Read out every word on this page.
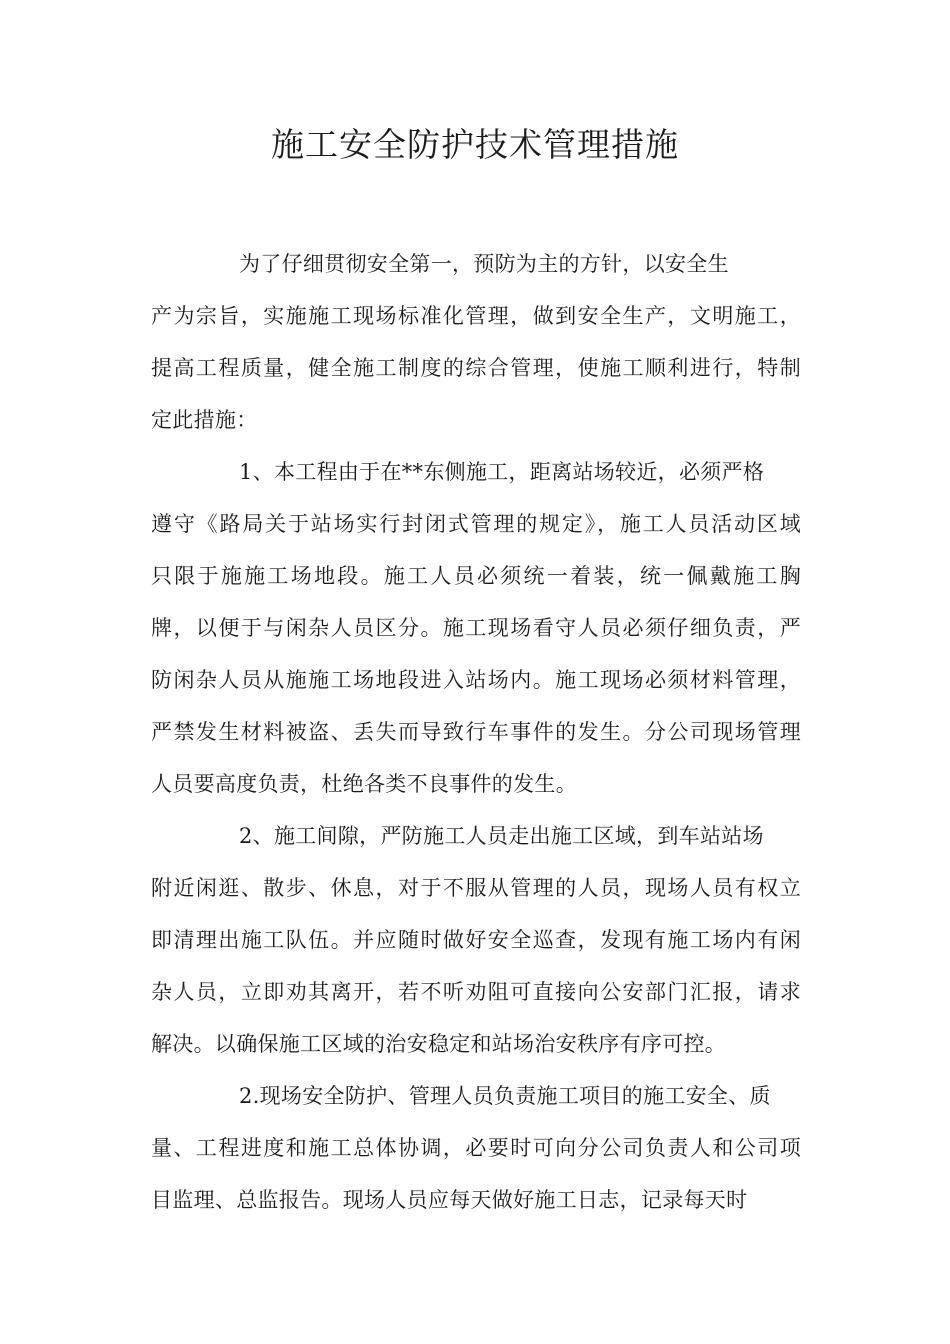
施工安全防护技术管理措施
为了仔细贯彻安全第一，预防为主的方针，以安全生
产为宗旨，实施施工现场标准化管理，做到安全生产，文明施工，
提高工程质量，健全施工制度的综合管理，使施工顺利进行，特制
定此措施：
1、本工程由于在**东侧施工，距离站场较近，必须严格
遵守《路局关于站场实行封闭式管理的规定》，施工人员活动区域
只限于施施工场地段。施工人员必须统一着装，统一佩戴施工胸
牌，以便于与闲杂人员区分。施工现场看守人员必须仔细负责，严
防闲杂人员从施施工场地段进入站场内。施工现场必须材料管理，
严禁发生材料被盗、丢失而导致行车事件的发生。分公司现场管理
人员要高度负责，杜绝各类不良事件的发生。
2、施工间隙，严防施工人员走出施工区域，到车站站场
附近闲逛、散步、休息，对于不服从管理的人员，现场人员有权立
即清理出施工队伍。并应随时做好安全巡查，发现有施工场内有闲
杂人员，立即劝其离开，若不听劝阻可直接向公安部门汇报，请求
解决。以确保施工区域的治安稳定和站场治安秩序有序可控。
2.现场安全防护、管理人员负责施工项目的施工安全、质
量、工程进度和施工总体协调，必要时可向分公司负责人和公司项
目监理、总监报告。现场人员应每天做好施工日志，记录每天时
